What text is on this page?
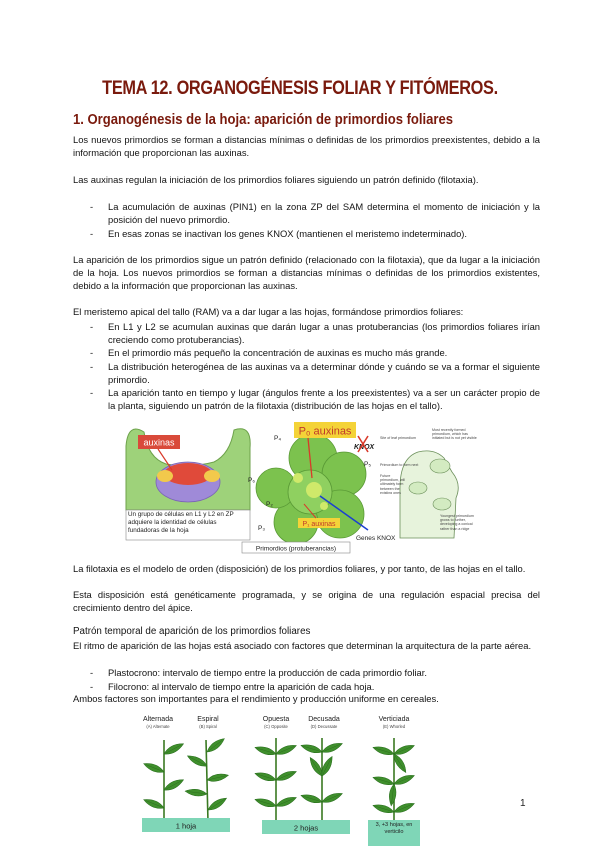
TEMA 12. ORGANOGÉNESIS FOLIAR Y FITÓMEROS.
1. Organogénesis de la hoja: aparición de primordios foliares
Los nuevos primordios se forman a distancias mínimas o definidas de los primordios preexistentes, debido a la información que proporcionan las auxinas.
Las auxinas regulan la iniciación de los primordios foliares siguiendo un patrón definido (filotaxia).
- La acumulación de auxinas (PIN1) en la zona ZP del SAM determina el momento de iniciación y la posición del nuevo primordio.
- En esas zonas se inactivan los genes KNOX (mantienen el meristemo indeterminado).
La aparición de los primordios sigue un patrón definido (relacionado con la filotaxia), que da lugar a la iniciación de la hoja. Los nuevos primordios se forman a distancias mínimas o definidas de los primordios existentes, debido a la información que proporcionan las auxinas.
El meristemo apical del tallo (RAM) va a dar lugar a las hojas, formándose primordios foliares:
- En L1 y L2 se acumulan auxinas que darán lugar a unas protuberancias (los primordios foliares irían creciendo como protuberancias).
- En el primordio más pequeño la concentración de auxinas es mucho más grande.
- La distribución heterogénea de las auxinas va a determinar dónde y cuándo se va a formar el siguiente primordio.
- La aparición tanto en tiempo y lugar (ángulos frente a los preexistentes) va a ser un carácter propio de la planta, siguiendo un patrón de la filotaxia (distribución de las hojas en el tallo).
auxinas
Un grupo de células en L1 y L2 en ZP adquiere la identidad de células fundadoras de la hoja
P₀ auxinas
KNOX
P₁ auxinas
Genes KNOX
P₄
P₅
P₃
P₆
P₂
Primordios (protuberancias)
Site of leaf primordium
Most recently formed primordium, which has initiated but is not yet visible
Primordium to form next
Future primordium, will ultimately form between the existing ones
Youngest primordium grows to further, developing a conical rather than a ridge
La filotaxia es el modelo de orden (disposición) de los primordios foliares, y por tanto, de las hojas en el tallo.
Esta disposición está genéticamente programada, y se origina de una regulación espacial precisa del crecimiento dentro del ápice.
Patrón temporal de aparición de los primordios foliares
El ritmo de aparición de las hojas está asociado con factores que determinan la arquitectura de la parte aérea.
- Plastocrono: intervalo de tiempo entre la producción de cada primordio foliar.
- Filocrono: al intervalo de tiempo entre la aparición de cada hoja.
Ambos factores son importantes para el rendimiento y producción uniforme en cereales.
Alternada
(A) Alternate
Espiral
(B) Spiral
Opuesta
(C) Opposite
Decusada
(D) Decussate
Verticiada
(E) Whorled
1 hoja	2 hojas	3, +3 hojas, en verticilo
1
